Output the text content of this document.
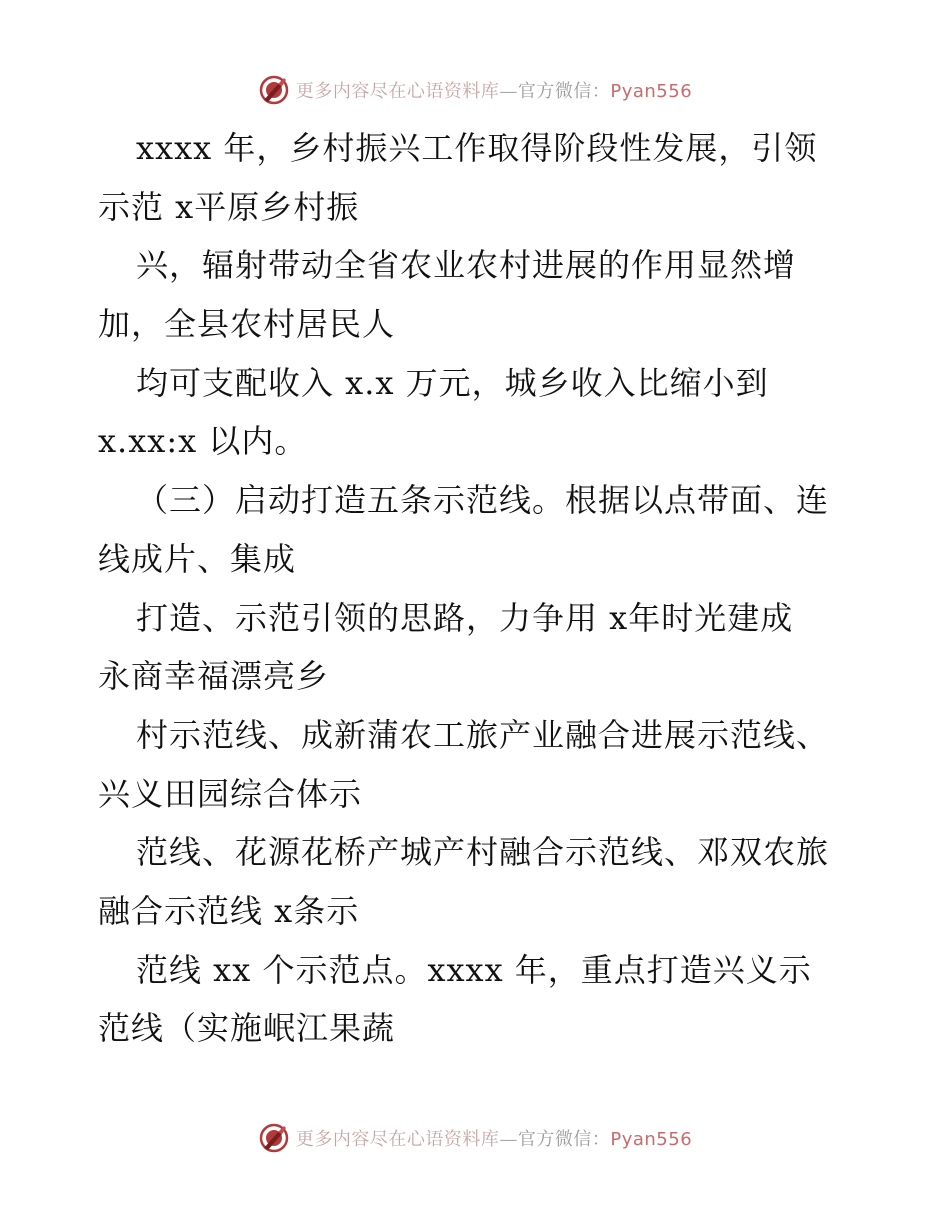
更多内容尽在心语资料库—官方微信：Pyan556
xxxx 年，乡村振兴工作取得阶段性发展，引领
示范 x平原乡村振
兴，辐射带动全省农业农村进展的作用显然增
加，全县农村居民人
均可支配收入 x.x 万元，城乡收入比缩小到
x.xx:x 以内。
（三）启动打造五条示范线。根据以点带面、连
线成片、集成
打造、示范引领的思路，力争用 x年时光建成
永商幸福漂亮乡
村示范线、成新蒲农工旅产业融合进展示范线、
兴义田园综合体示
范线、花源花桥产城产村融合示范线、邓双农旅
融合示范线 x条示
范线 xx 个示范点。xxxx 年，重点打造兴义示
范线（实施岷江果蔬
更多内容尽在心语资料库—官方微信：Pyan556
